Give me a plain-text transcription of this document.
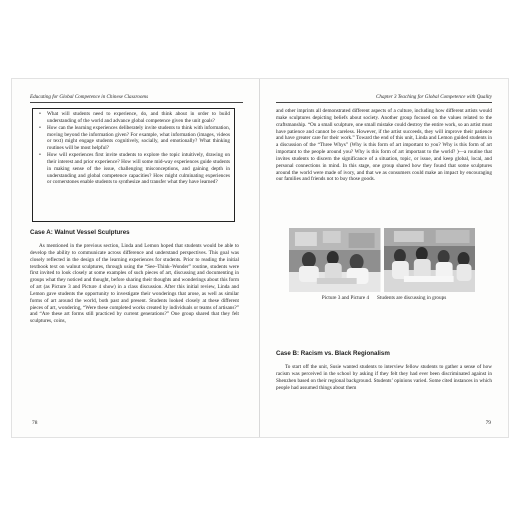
Educating for Global Competence in Chinese Classrooms
• What will students need to experience, do, and think about in order to build understanding of the world and advance global competence given the unit goals?
• How can the learning experiences deliberately invite students to think with information, moving beyond the information given? For example, what information (images, videos or text) might engage students cognitively, socially, and emotionally? What thinking routines will be most helpful?
• How will experiences first invite students to explore the topic intuitively, drawing on their interest and prior experience? How will some mid-way experiences guide students in making sense of the issue, challenging misconceptions, and gaining depth in understanding and global competence capacities? How might culminating experiences or cornerstones enable students to synthesize and transfer what they have learned?
Case A: Walnut Vessel Sculptures

As mentioned in the previous section, Linda and Lemon hoped that students would be able to develop the ability to communicate across difference and understand perspectives. This goal was closely reflected in the design of the learning experiences for students. Prior to reading the initial textbook text on walnut sculptures, through using the “See–Think–Wonder” routine, students were first invited to look closely at some examples of such pieces of art, discussing and documenting in groups what they noticed and thought, before sharing their thoughts and wonderings about this form of art (as Picture 3 and Picture 4 show) in a class discussion. After this initial review, Linda and Lemon gave students the opportunity to investigate their wonderings that arose, as well as similar forms of art around the world, both past and present. Students looked closely at these different pieces of art, wondering, “Were these completed works created by individuals or teams of artisans?” and “Are these art forms still practiced by current generations?” One group shared that they felt sculptures, coins,

78
Chapter 3 Teaching for Global Competence with Quality

and other imprints all demonstrated different aspects of a culture, including how different artists would make sculptures depicting beliefs about society. Another group focused on the values related to the craftsmanship. “On a small sculpture, one small mistake could destroy the entire work, so an artist must have patience and cannot be careless. However, if the artist succeeds, they will improve their patience and have greater care for their work.” Toward the end of this unit, Linda and Lemon guided students in a discussion of the “Three Whys” (Why is this form of art important to you? Why is this form of art important to the people around you? Why is this form of art important to the world? )—a routine that invites students to discern the significance of a situation, topic, or issue, and keep global, local, and personal connections in mind. In this stage, one group shared how they found that some sculptures around the world were made of ivory, and that we as consumers could make an impact by encouraging our families and friends not to buy those goods.

Picture 3 and Picture 4 Students are discussing in groups
Case B: Racism vs. Black Regionalism

To start off the unit, Susie wanted students to interview fellow students to gather a sense of how racism was perceived in the school by asking if they felt they had ever been discriminated against in Shenzhen based on their regional background. Students’ opinions varied. Some cited instances in which people had assumed things about them

79
